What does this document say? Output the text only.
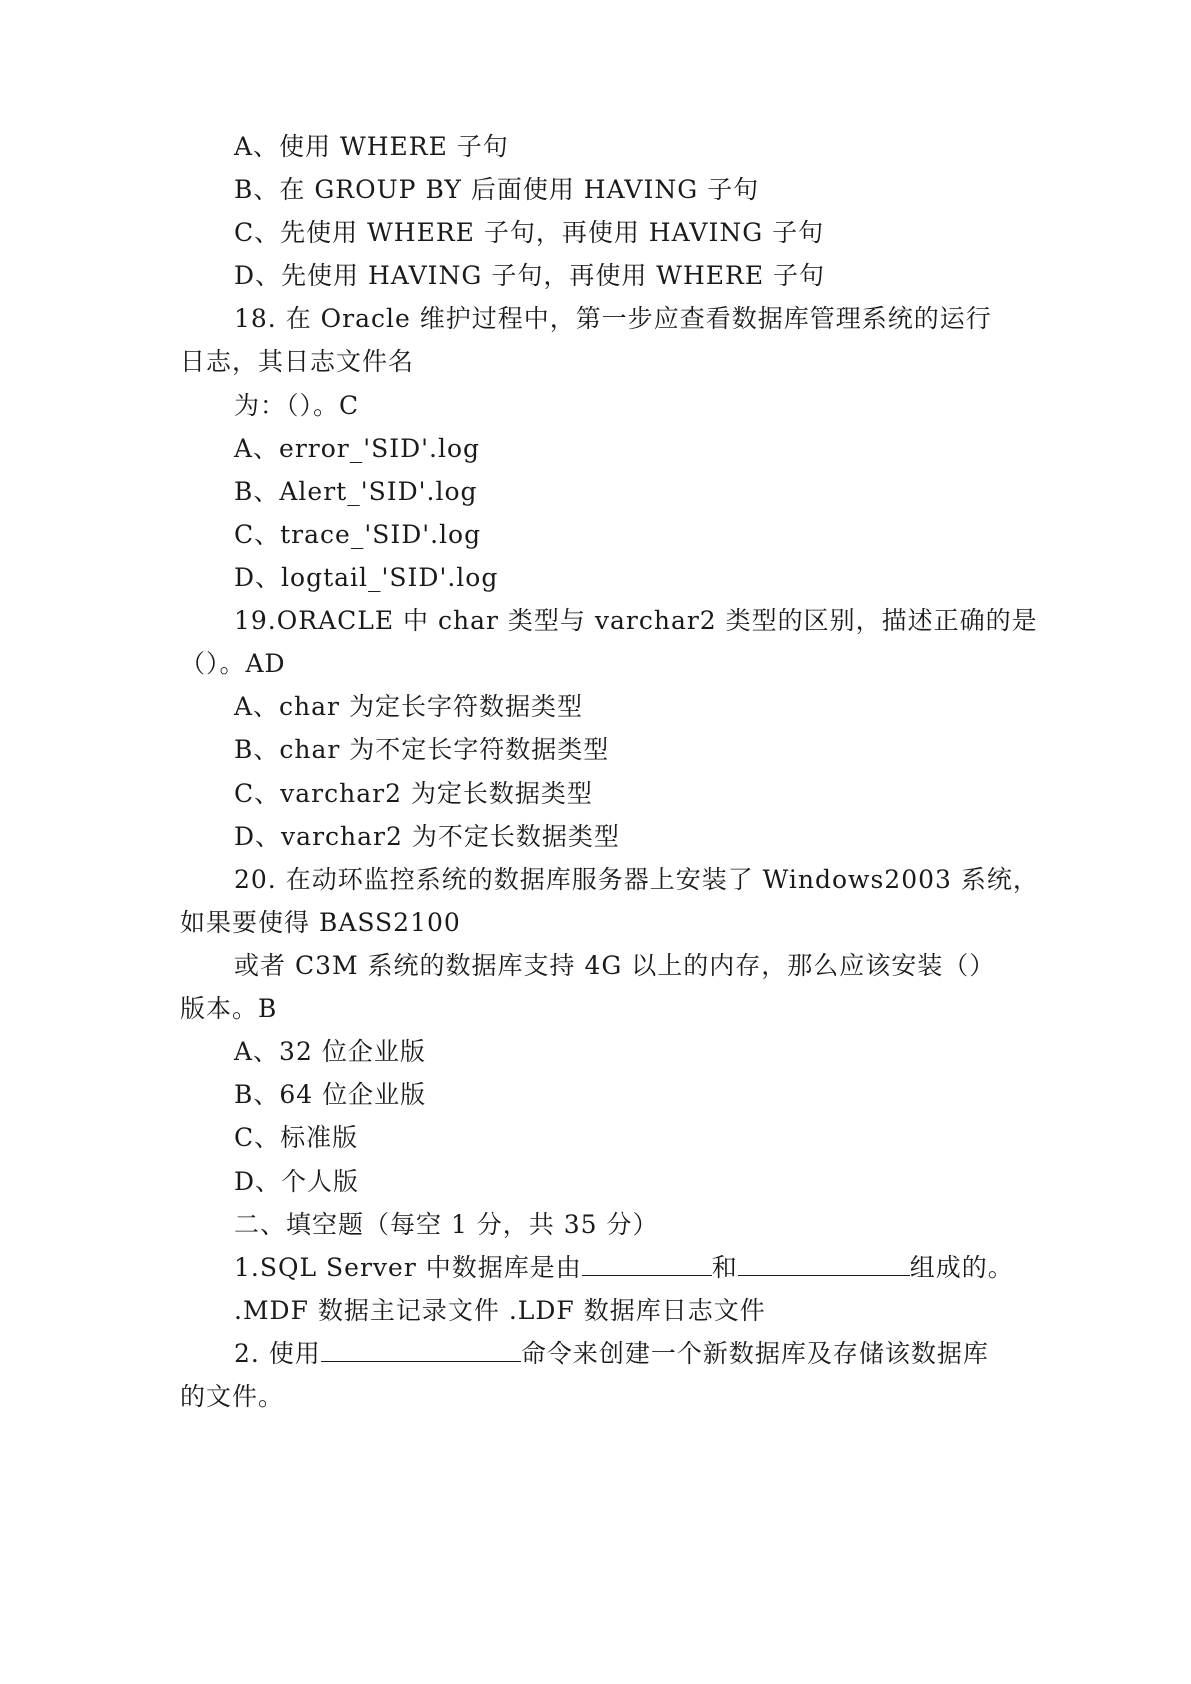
A、使用 WHERE 子句
B、在 GROUP BY 后面使用 HAVING 子句
C、先使用 WHERE 子句，再使用 HAVING 子句
D、先使用 HAVING 子句，再使用 WHERE 子句
18. 在 Oracle 维护过程中，第一步应查看数据库管理系统的运行
日志，其日志文件名
为：（）。C
A、error_'SID'.log
B、Alert_'SID'.log
C、trace_'SID'.log
D、logtail_'SID'.log
19.ORACLE 中 char 类型与 varchar2 类型的区别，描述正确的是
（）。AD
A、char 为定长字符数据类型
B、char 为不定长字符数据类型
C、varchar2 为定长数据类型
D、varchar2 为不定长数据类型
20. 在动环监控系统的数据库服务器上安装了 Windows2003 系统，
如果要使得 BASS2100
或者 C3M 系统的数据库支持 4G 以上的内存，那么应该安装（）
版本。B
A、32 位企业版
B、64 位企业版
C、标准版
D、个人版
二、填空题（每空 1 分，共 35 分）
1.SQL Server 中数据库是由	和	组成的。
.MDF 数据主记录文件 .LDF 数据库日志文件
2. 使用	命令来创建一个新数据库及存储该数据库
的文件。
